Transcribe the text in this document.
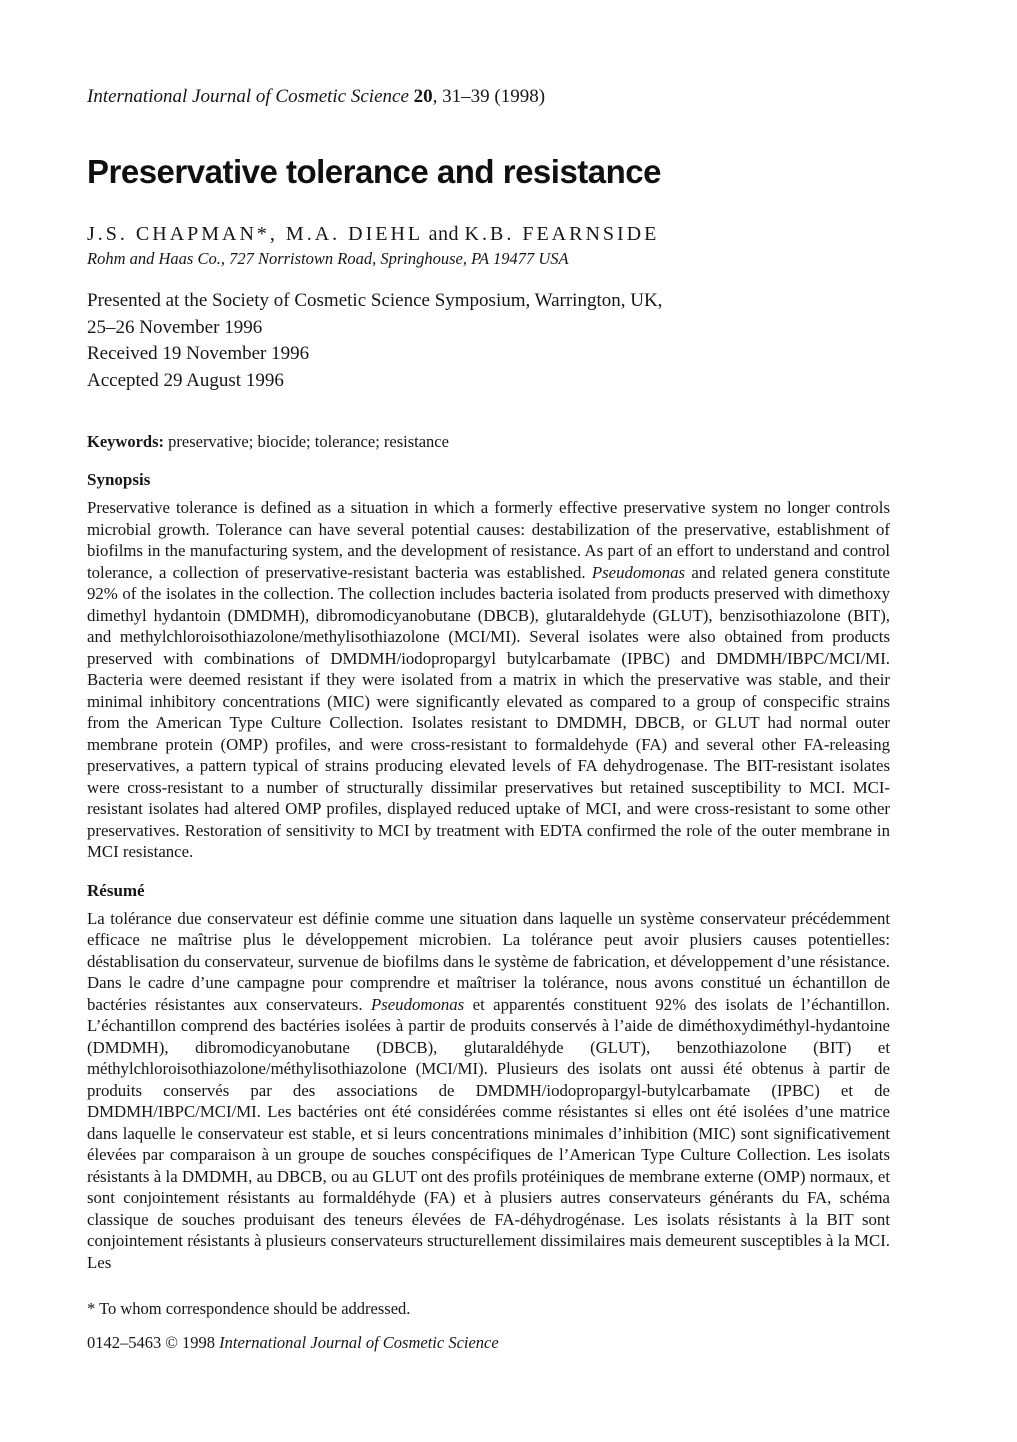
International Journal of Cosmetic Science 20, 31–39 (1998)

Preservative tolerance and resistance

J.S. CHAPMAN*, M.A. DIEHL and K.B. FEARNSIDE

Rohm and Haas Co., 727 Norristown Road, Springhouse, PA 19477 USA

Presented at the Society of Cosmetic Science Symposium, Warrington, UK,
25–26 November 1996
Received 19 November 1996
Accepted 29 August 1996

Keywords: preservative; biocide; tolerance; resistance

Synopsis

Preservative tolerance is defined as a situation in which a formerly effective preservative system no longer controls microbial growth. Tolerance can have several potential causes: destabilization of the preservative, establishment of biofilms in the manufacturing system, and the development of resistance. As part of an effort to understand and control tolerance, a collection of preservative-resistant bacteria was established. Pseudomonas and related genera constitute 92% of the isolates in the collection. The collection includes bacteria isolated from products preserved with dimethoxy dimethyl hydantoin (DMDMH), dibromodicyanobutane (DBCB), glutaraldehyde (GLUT), benzisothiazolone (BIT), and methylchloroisothiazolone/methylisothiazolone (MCI/MI). Several isolates were also obtained from products preserved with combinations of DMDMH/iodopropargyl butylcarbamate (IPBC) and DMDMH/IBPC/MCI/MI. Bacteria were deemed resistant if they were isolated from a matrix in which the preservative was stable, and their minimal inhibitory concentrations (MIC) were significantly elevated as compared to a group of conspecific strains from the American Type Culture Collection. Isolates resistant to DMDMH, DBCB, or GLUT had normal outer membrane protein (OMP) profiles, and were cross-resistant to formaldehyde (FA) and several other FA-releasing preservatives, a pattern typical of strains producing elevated levels of FA dehydrogenase. The BIT-resistant isolates were cross-resistant to a number of structurally dissimilar preservatives but retained susceptibility to MCI. MCI-resistant isolates had altered OMP profiles, displayed reduced uptake of MCI, and were cross-resistant to some other preservatives. Restoration of sensitivity to MCI by treatment with EDTA confirmed the role of the outer membrane in MCI resistance.

Résumé

La tolérance due conservateur est définie comme une situation dans laquelle un système conservateur précédemment efficace ne maîtrise plus le développement microbien. La tolérance peut avoir plusiers causes potentielles: déstablisation du conservateur, survenue de biofilms dans le système de fabrication, et développement d’une résistance. Dans le cadre d’une campagne pour comprendre et maîtriser la tolérance, nous avons constitué un échantillon de bactéries résistantes aux conservateurs. Pseudomonas et apparentés constituent 92% des isolats de l’échantillon. L’échantillon comprend des bactéries isolées à partir de produits conservés à l’aide de diméthoxydiméthyl-hydantoine (DMDMH), dibromodicyanobutane (DBCB), glutaraldéhyde (GLUT), benzothiazolone (BIT) et méthylchloroisothiazolone/méthylisothiazolone (MCI/MI). Plusieurs des isolats ont aussi été obtenus à partir de produits conservés par des associations de DMDMH/iodopropargyl-butylcarbamate (IPBC) et de DMDMH/IBPC/MCI/MI. Les bactéries ont été considérées comme résistantes si elles ont été isolées d’une matrice dans laquelle le conservateur est stable, et si leurs concentrations minimales d’inhibition (MIC) sont significativement élevées par comparaison à un groupe de souches conspécifiques de l’American Type Culture Collection. Les isolats résistants à la DMDMH, au DBCB, ou au GLUT ont des profils protéiniques de membrane externe (OMP) normaux, et sont conjointement résistants au formaldéhyde (FA) et à plusiers autres conservateurs générants du FA, schéma classique de souches produisant des teneurs élevées de FA-déhydrogénase. Les isolats résistants à la BIT sont conjointement résistants à plusieurs conservateurs structurellement dissimilaires mais demeurent susceptibles à la MCI. Les

* To whom correspondence should be addressed.

0142–5463 © 1998 International Journal of Cosmetic Science
